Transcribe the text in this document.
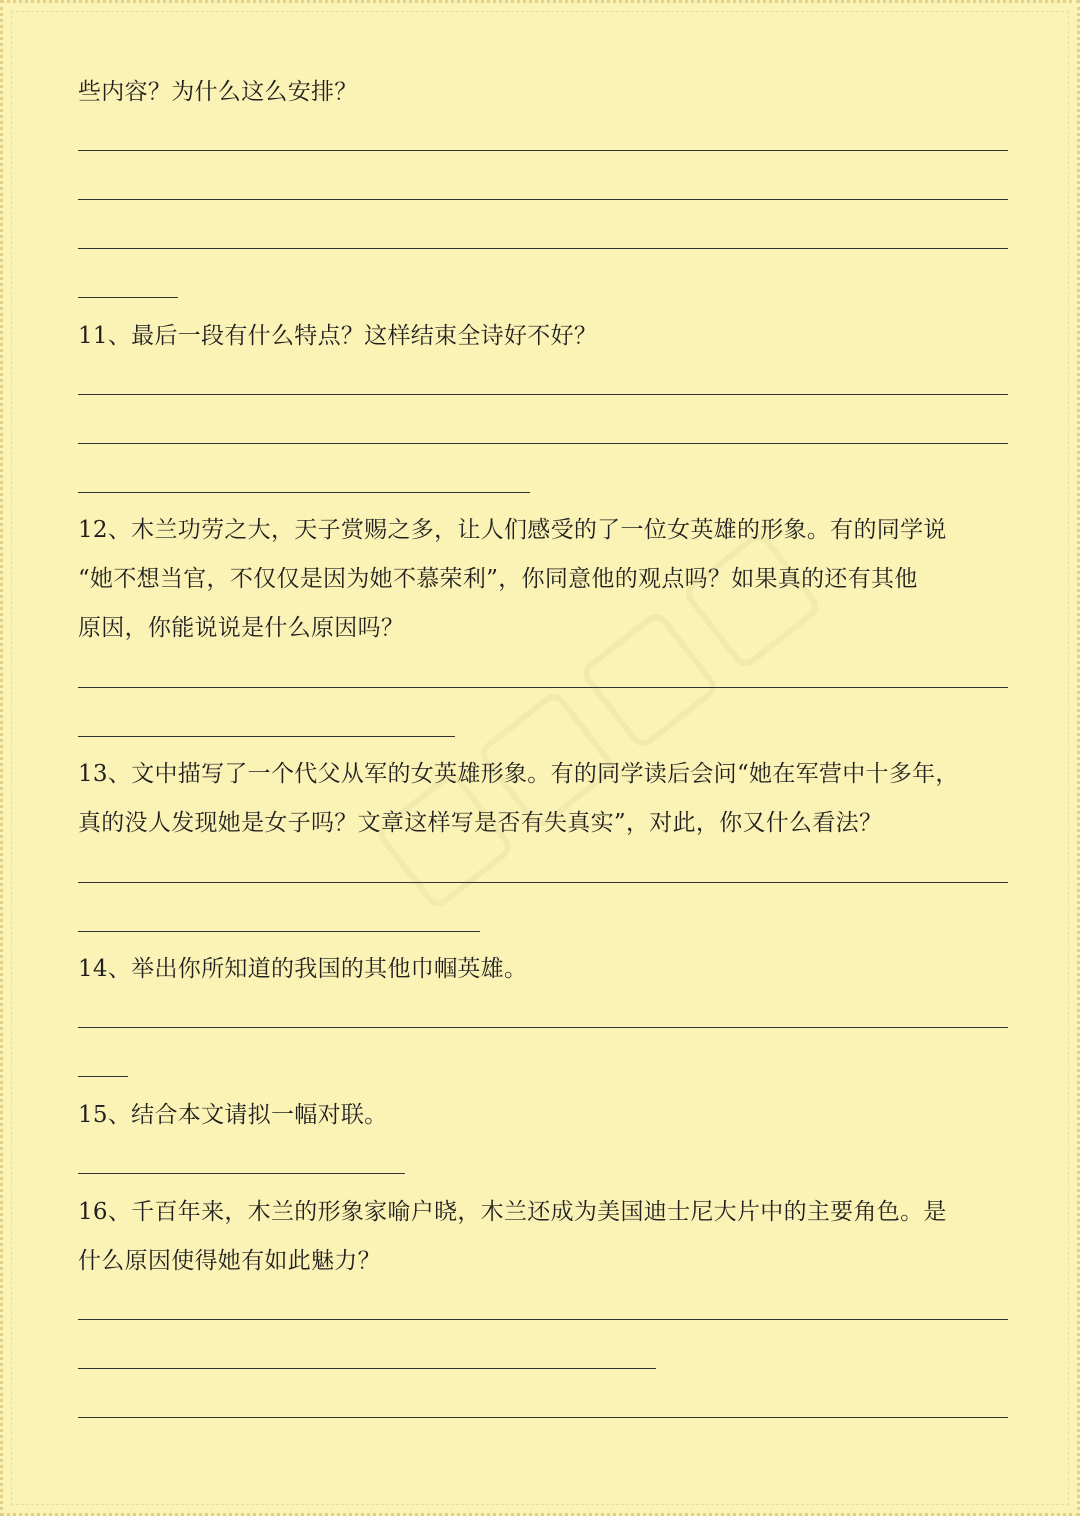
些内容？为什么这么安排？
11、最后一段有什么特点？这样结束全诗好不好？
12、木兰功劳之大，天子赏赐之多，让人们感受的了一位女英雄的形象。有的同学说
“她不想当官，不仅仅是因为她不慕荣利”，你同意他的观点吗？如果真的还有其他
原因，你能说说是什么原因吗？
13、文中描写了一个代父从军的女英雄形象。有的同学读后会问“她在军营中十多年，
真的没人发现她是女子吗？文章这样写是否有失真实”，对此，你又什么看法？
14、举出你所知道的我国的其他巾帼英雄。
15、结合本文请拟一幅对联。
16、千百年来，木兰的形象家喻户晓，木兰还成为美国迪士尼大片中的主要角色。是
什么原因使得她有如此魅力？
